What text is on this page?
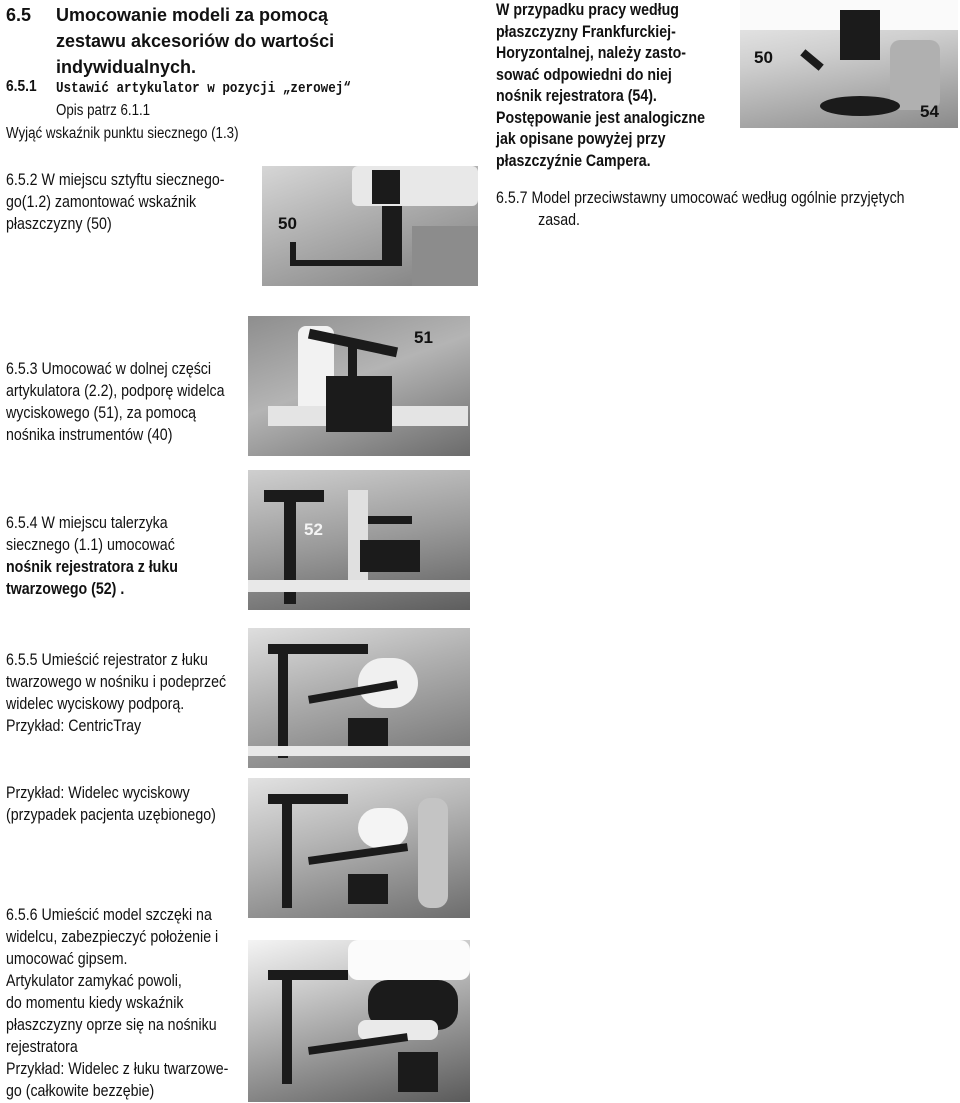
6.5 Umocowanie modeli za pomocą
zestawu akcesoriów do wartości
indywidualnych.
6.5.1 Ustawić artykulator w pozycji „zerowej“
Opis patrz 6.1.1
Wyjąć wskaźnik punktu siecznego (1.3)
6.5.2 W miejscu sztyftu siecznego-
go(1.2) zamontować wskaźnik
płaszczyzny (50)	50
W przypadku pracy według
płaszczyzny Frankfurckiej-
Horyzontalnej, należy zasto-
sować odpowiedni do niej
nośnik rejestratora (54).
Postępowanie jest analogiczne
jak opisane powyżej przy
płaszczyźnie Campera.
50
54
6.5.7 Model przeciwstawny umocować według ogólnie przyjętych
zasad.
6.5.3 Umocować w dolnej części
artykulatora (2.2), podporę widelca
wyciskowego (51), za pomocą
nośnika instrumentów (40)
51
6.5.4 W miejscu talerzyka
siecznego (1.1) umocować
nośnik rejestratora z łuku
twarzowego (52) .
52
6.5.5 Umieścić rejestrator z łuku
twarzowego w nośniku i podeprzeć
widelec wyciskowy podporą.
Przykład: CentricTray
Przykład: Widelec wyciskowy
(przypadek pacjenta uzębionego)
6.5.6 Umieścić model szczęki na
widelcu, zabezpieczyć położenie i
umocować gipsem.
Artykulator zamykać powoli,
do momentu kiedy wskaźnik
płaszczyzny oprze się na nośniku
rejestratora
Przykład: Widelec z łuku twarzowe-
go (całkowite bezzębie)
